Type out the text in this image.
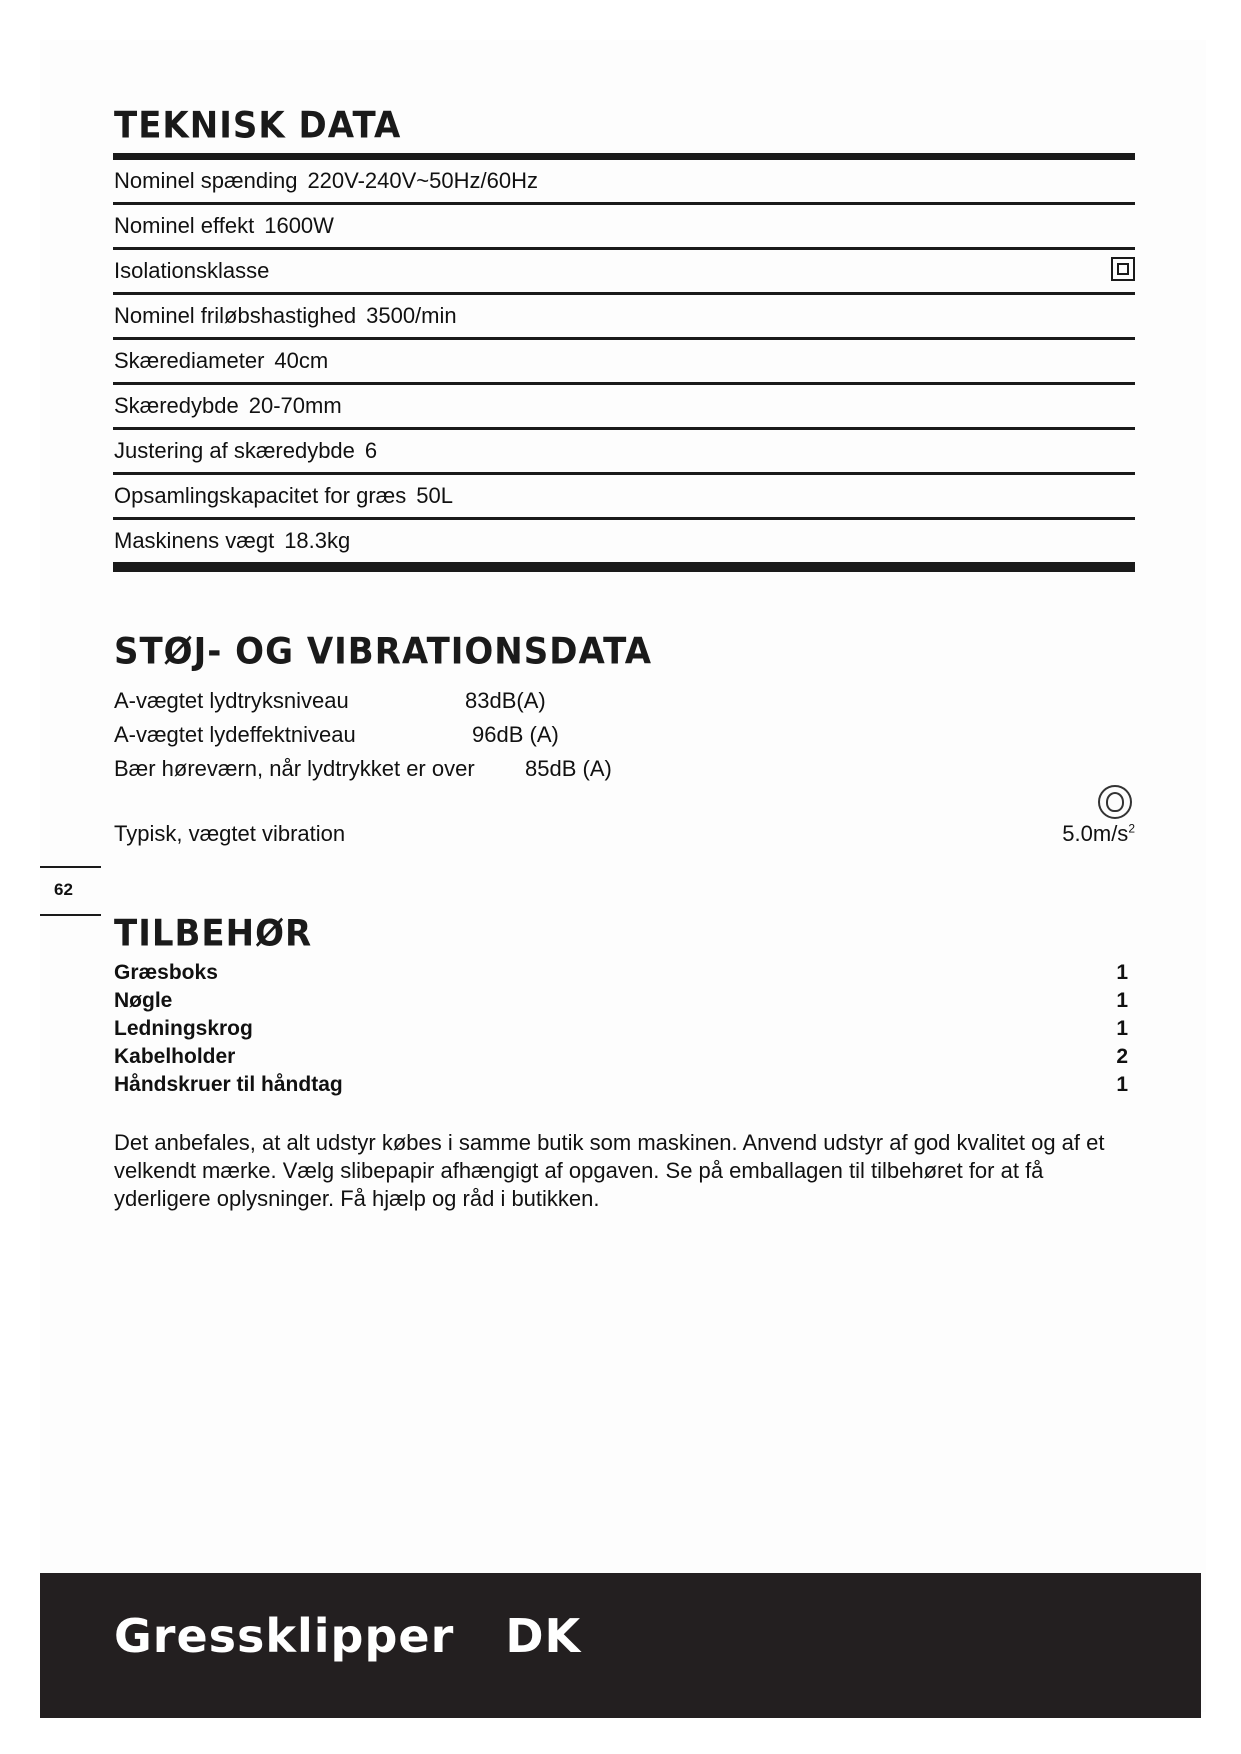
TEKNISK DATA
Nominel spænding 220V-240V~50Hz/60Hz
Nominel effekt 1600W
Isolationsklasse
Nominel friløbshastighed 3500/min
Skærediameter 40cm
Skæredybde 20-70mm
Justering af skæredybde 6
Opsamlingskapacitet for græs 50L
Maskinens vægt 18.3kg
STØJ- OG VIBRATIONSDATA
A-vægtet lydtryksniveau	83dB(A)
A-vægtet lydeffektniveau	96dB (A)
Bær høreværn, når lydtrykket er over 85dB (A)
Typisk, vægtet vibration	$5.0m/s^2$
62
TILBEHØR
Græsboks	1
Nøgle	1
Ledningskrog	1
Kabelholder	2
Håndskruer til håndtag	1

Det anbefales, at alt udstyr købes i samme butik som maskinen. Anvend udstyr af god kvalitet og af et velkendt mærke. Vælg slibepapir afhængigt af opgaven. Se på emballagen til tilbehøret for at få yderligere oplysninger. Få hjælp og råd i butikken.

Gressklipper DK
